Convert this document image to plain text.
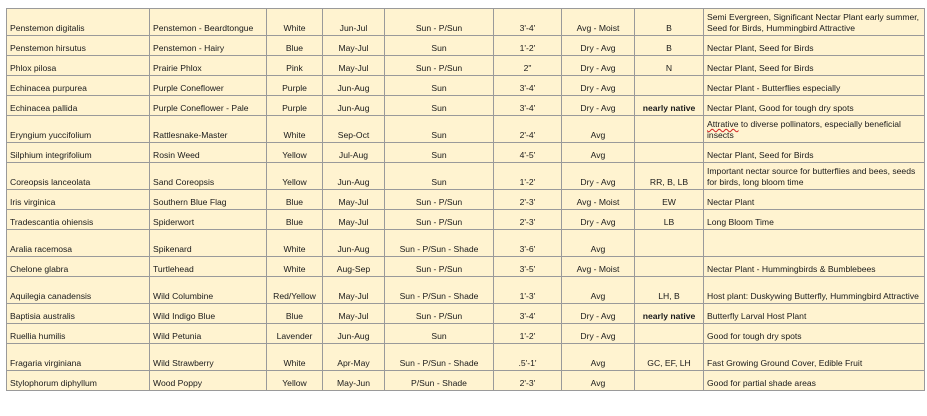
Penstemon digitalis	Penstemon - Beardtongue	White	Jun-Jul	Sun - P/Sun	3'-4'	Avg - Moist	B	Semi Evergreen, Significant Nectar Plant early summer, Seed for Birds, Hummingbird Attractive
Penstemon hirsutus	Penstemon - Hairy	Blue	May-Jul	Sun	1'-2'	Dry - Avg	B	Nectar Plant, Seed for Birds
Phlox pilosa	Prairie Phlox	Pink	May-Jul	Sun - P/Sun	2"	Dry - Avg	N	Nectar Plant, Seed for Birds
Echinacea purpurea	Purple Coneflower	Purple	Jun-Aug	Sun	3'-4'	Dry - Avg		Nectar Plant - Butterflies especially
Echinacea pallida	Purple Coneflower - Pale	Purple	Jun-Aug	Sun	3'-4'	Dry - Avg	nearly native	Nectar Plant, Good for tough dry spots
Eryngium yuccifolium	Rattlesnake-Master	White	Sep-Oct	Sun	2'-4'	Avg		Attrative to diverse pollinators, especially beneficial insects
Silphium integrifolium	Rosin Weed	Yellow	Jul-Aug	Sun	4'-5'	Avg		Nectar Plant, Seed for Birds
Coreopsis lanceolata	Sand Coreopsis	Yellow	Jun-Aug	Sun	1'-2'	Dry - Avg	RR, B, LB	Important nectar source for butterflies and bees, seeds for birds, long bloom time
Iris virginica	Southern Blue Flag	Blue	May-Jul	Sun - P/Sun	2'-3'	Avg - Moist	EW	Nectar Plant
Tradescantia ohiensis	Spiderwort	Blue	May-Jul	Sun - P/Sun	2'-3'	Dry - Avg	LB	Long Bloom Time
Aralia racemosa	Spikenard	White	Jun-Aug	Sun - P/Sun - Shade	3'-6'	Avg		
Chelone glabra	Turtlehead	White	Aug-Sep	Sun - P/Sun	3'-5'	Avg - Moist		Nectar Plant - Hummingbirds & Bumblebees
Aquilegia canadensis	Wild Columbine	Red/Yellow	May-Jul	Sun - P/Sun - Shade	1'-3'	Avg	LH, B	Host plant: Duskywing Butterfly, Hummingbird Attractive
Baptisia australis	Wild Indigo Blue	Blue	May-Jul	Sun - P/Sun	3'-4'	Dry - Avg	nearly native	Butterfly Larval Host Plant
Ruellia humilis	Wild Petunia	Lavender	Jun-Aug	Sun	1'-2'	Dry - Avg		Good for tough dry spots
Fragaria virginiana	Wild Strawberry	White	Apr-May	Sun - P/Sun - Shade	.5'-1'	Avg	GC, EF, LH	Fast Growing Ground Cover, Edible Fruit
Stylophorum diphyllum	Wood Poppy	Yellow	May-Jun	P/Sun - Shade	2'-3'	Avg		Good for partial shade areas
